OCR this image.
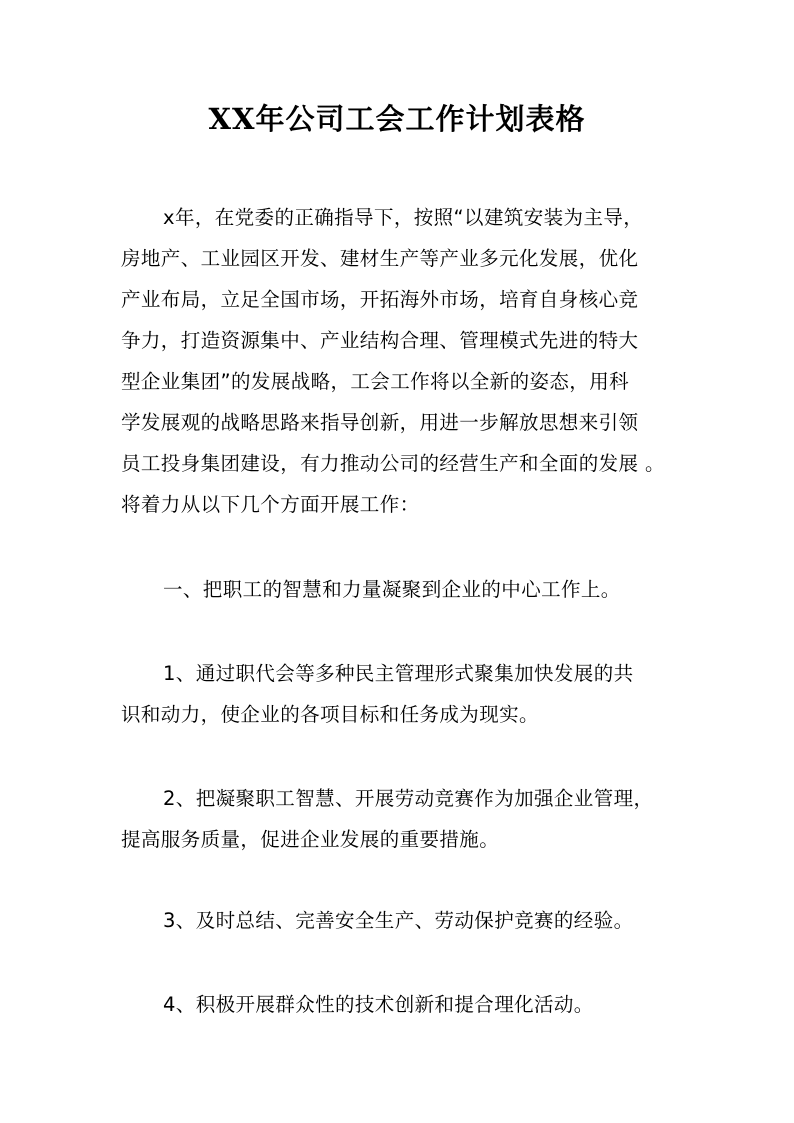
XX年公司工会工作计划表格
x年，在党委的正确指导下，按照“以建筑安装为主导，
房地产、工业园区开发、建材生产等产业多元化发展，优化
产业布局，立足全国市场，开拓海外市场，培育自身核心竞
争力，打造资源集中、产业结构合理、管理模式先进的特大
型企业集团”的发展战略，工会工作将以全新的姿态，用科
学发展观的战略思路来指导创新，用进一步解放思想来引领
员工投身集团建设，有力推动公司的经营生产和全面的发展 。
将着力从以下几个方面开展工作：
一、把职工的智慧和力量凝聚到企业的中心工作上。
1、通过职代会等多种民主管理形式聚集加快发展的共
识和动力，使企业的各项目标和任务成为现实。
2、把凝聚职工智慧、开展劳动竞赛作为加强企业管理，
提高服务质量，促进企业发展的重要措施。
3、及时总结、完善安全生产、劳动保护竞赛的经验。
4、积极开展群众性的技术创新和提合理化活动。
